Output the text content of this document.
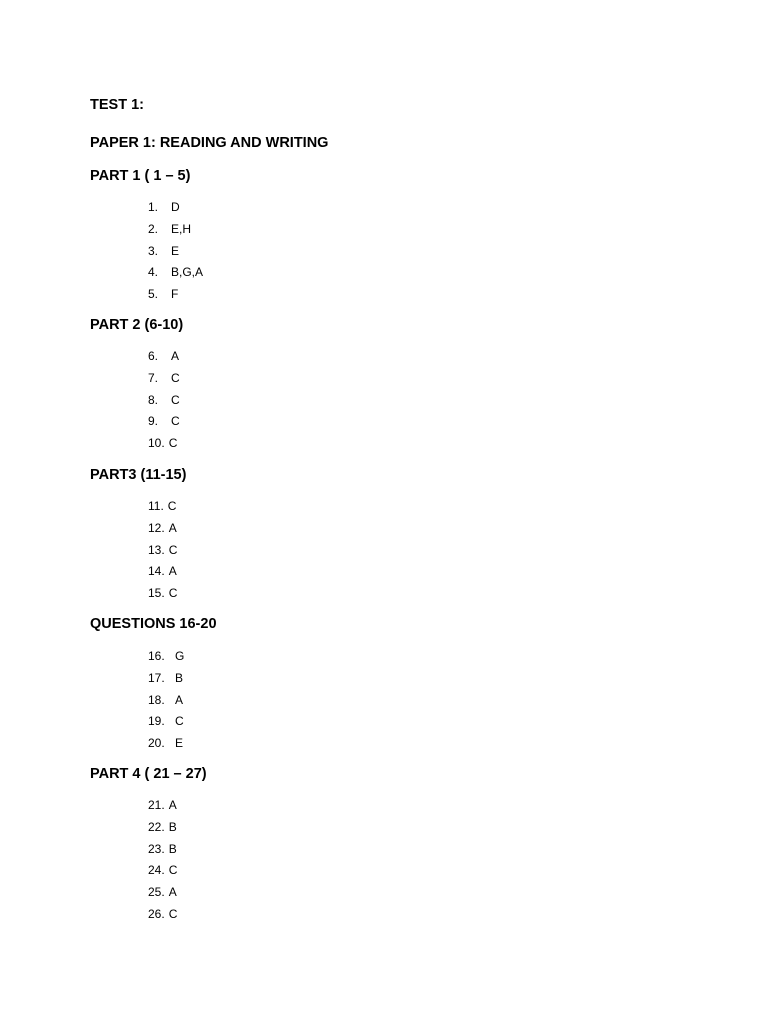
TEST 1:
PAPER 1: READING AND WRITING
PART 1 ( 1 – 5)
1. D
2. E,H
3. E
4. B,G,A
5. F
PART 2 (6-10)
6. A
7. C
8. C
9. C
10. C
PART3 (11-15)
11. C
12. A
13. C
14. A
15. C
QUESTIONS 16-20
16. G
17. B
18. A
19. C
20. E
PART 4 ( 21 – 27)
21. A
22. B
23. B
24. C
25. A
26. C
